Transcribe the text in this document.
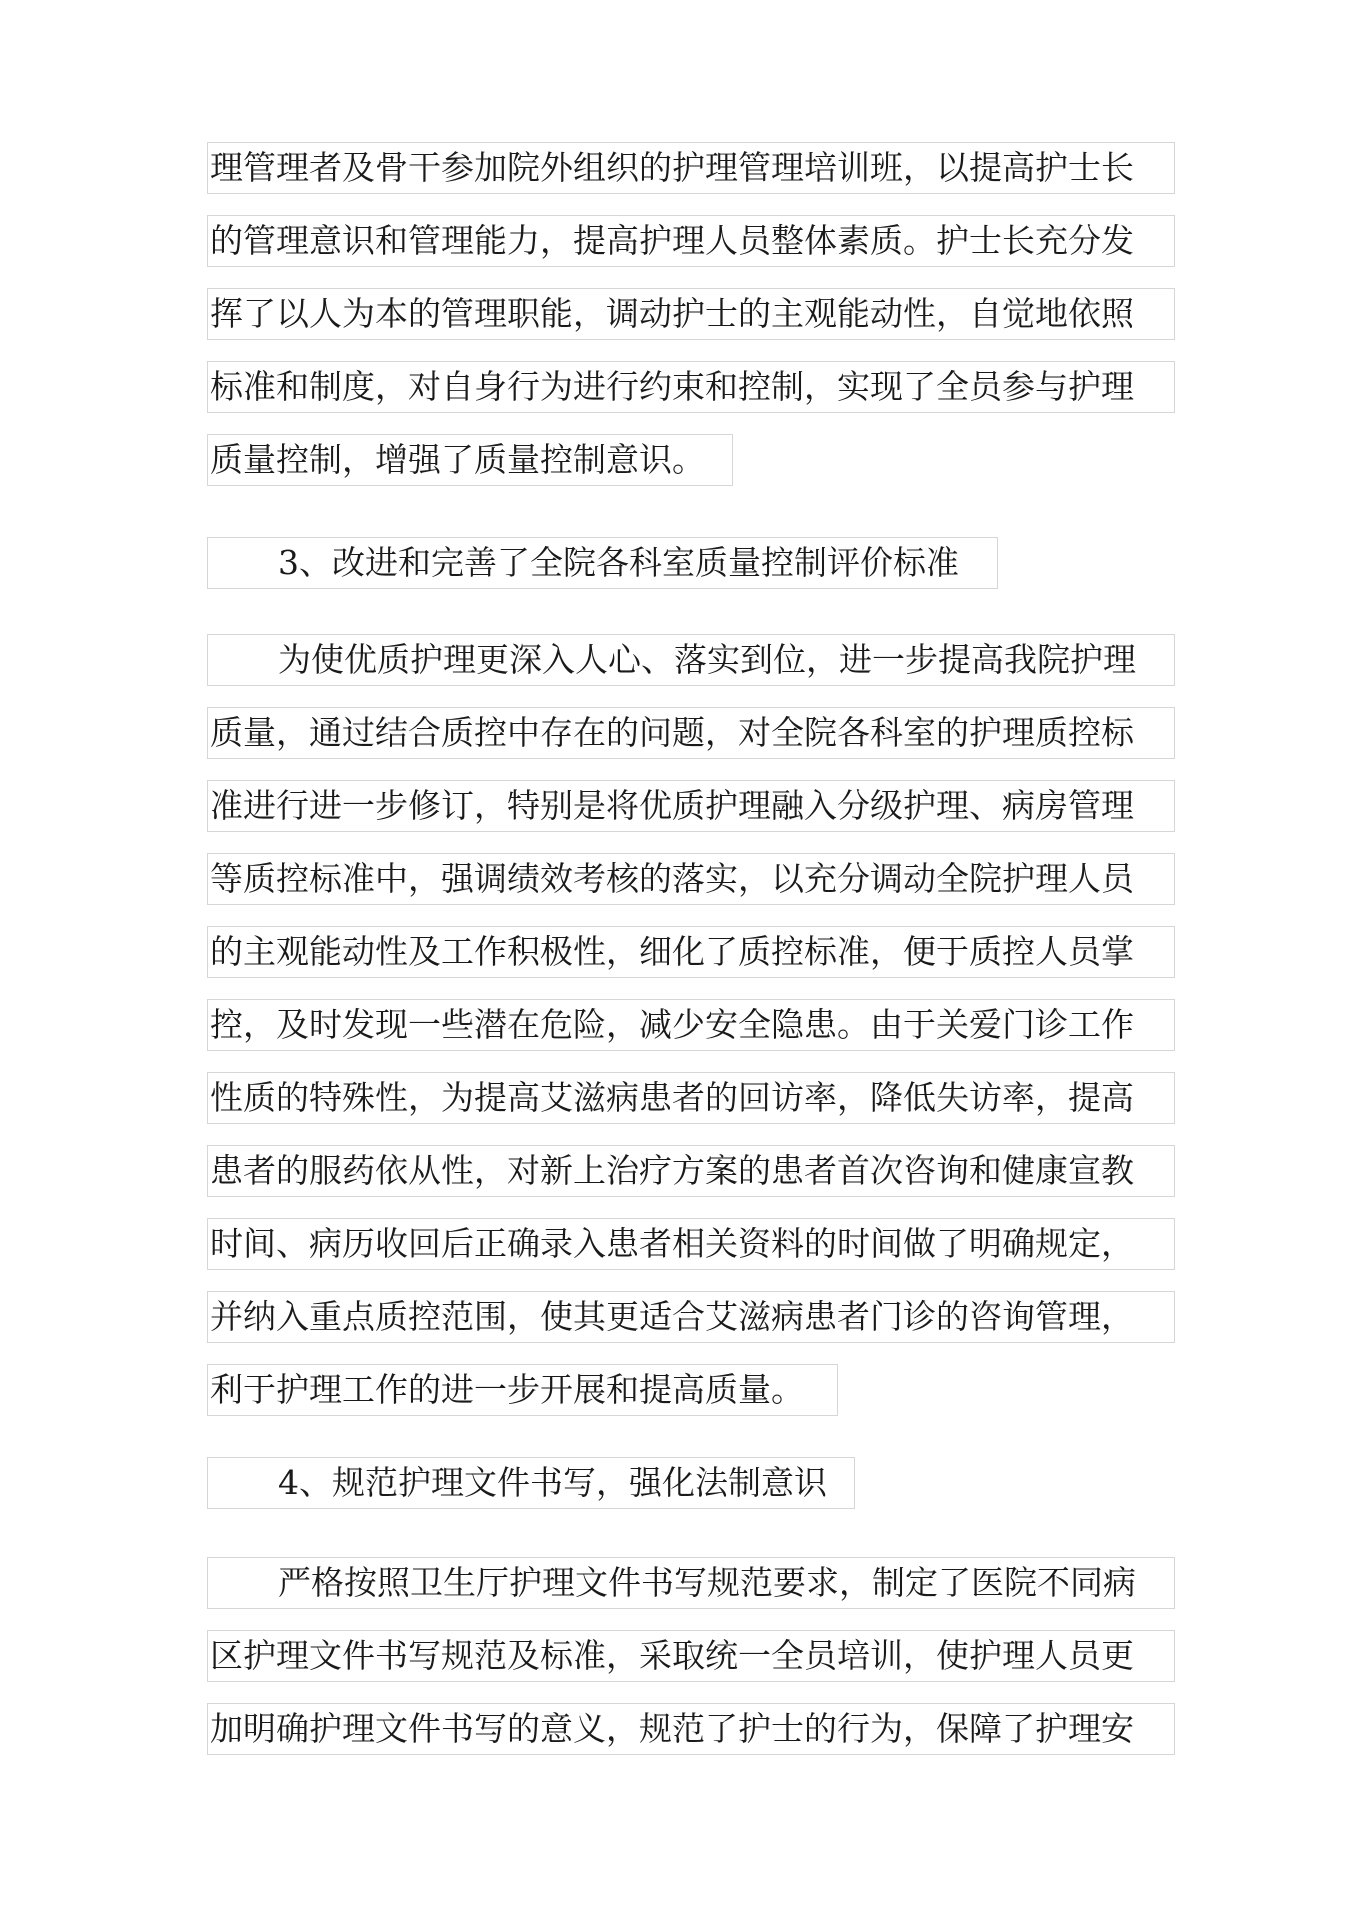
理管理者及骨干参加院外组织的护理管理培训班，以提高护士长
的管理意识和管理能力，提高护理人员整体素质。护士长充分发
挥了以人为本的管理职能，调动护士的主观能动性，自觉地依照
标准和制度，对自身行为进行约束和控制，实现了全员参与护理
质量控制，增强了质量控制意识。
3、改进和完善了全院各科室质量控制评价标准
为使优质护理更深入人心、落实到位，进一步提高我院护理
质量，通过结合质控中存在的问题，对全院各科室的护理质控标
准进行进一步修订，特别是将优质护理融入分级护理、病房管理
等质控标准中，强调绩效考核的落实，以充分调动全院护理人员
的主观能动性及工作积极性，细化了质控标准，便于质控人员掌
控，及时发现一些潜在危险，减少安全隐患。由于关爱门诊工作
性质的特殊性，为提高艾滋病患者的回访率，降低失访率，提高
患者的服药依从性，对新上治疗方案的患者首次咨询和健康宣教
时间、病历收回后正确录入患者相关资料的时间做了明确规定，
并纳入重点质控范围，使其更适合艾滋病患者门诊的咨询管理，
利于护理工作的进一步开展和提高质量。
4、规范护理文件书写，强化法制意识
严格按照卫生厅护理文件书写规范要求，制定了医院不同病
区护理文件书写规范及标准，采取统一全员培训，使护理人员更
加明确护理文件书写的意义，规范了护士的行为，保障了护理安
